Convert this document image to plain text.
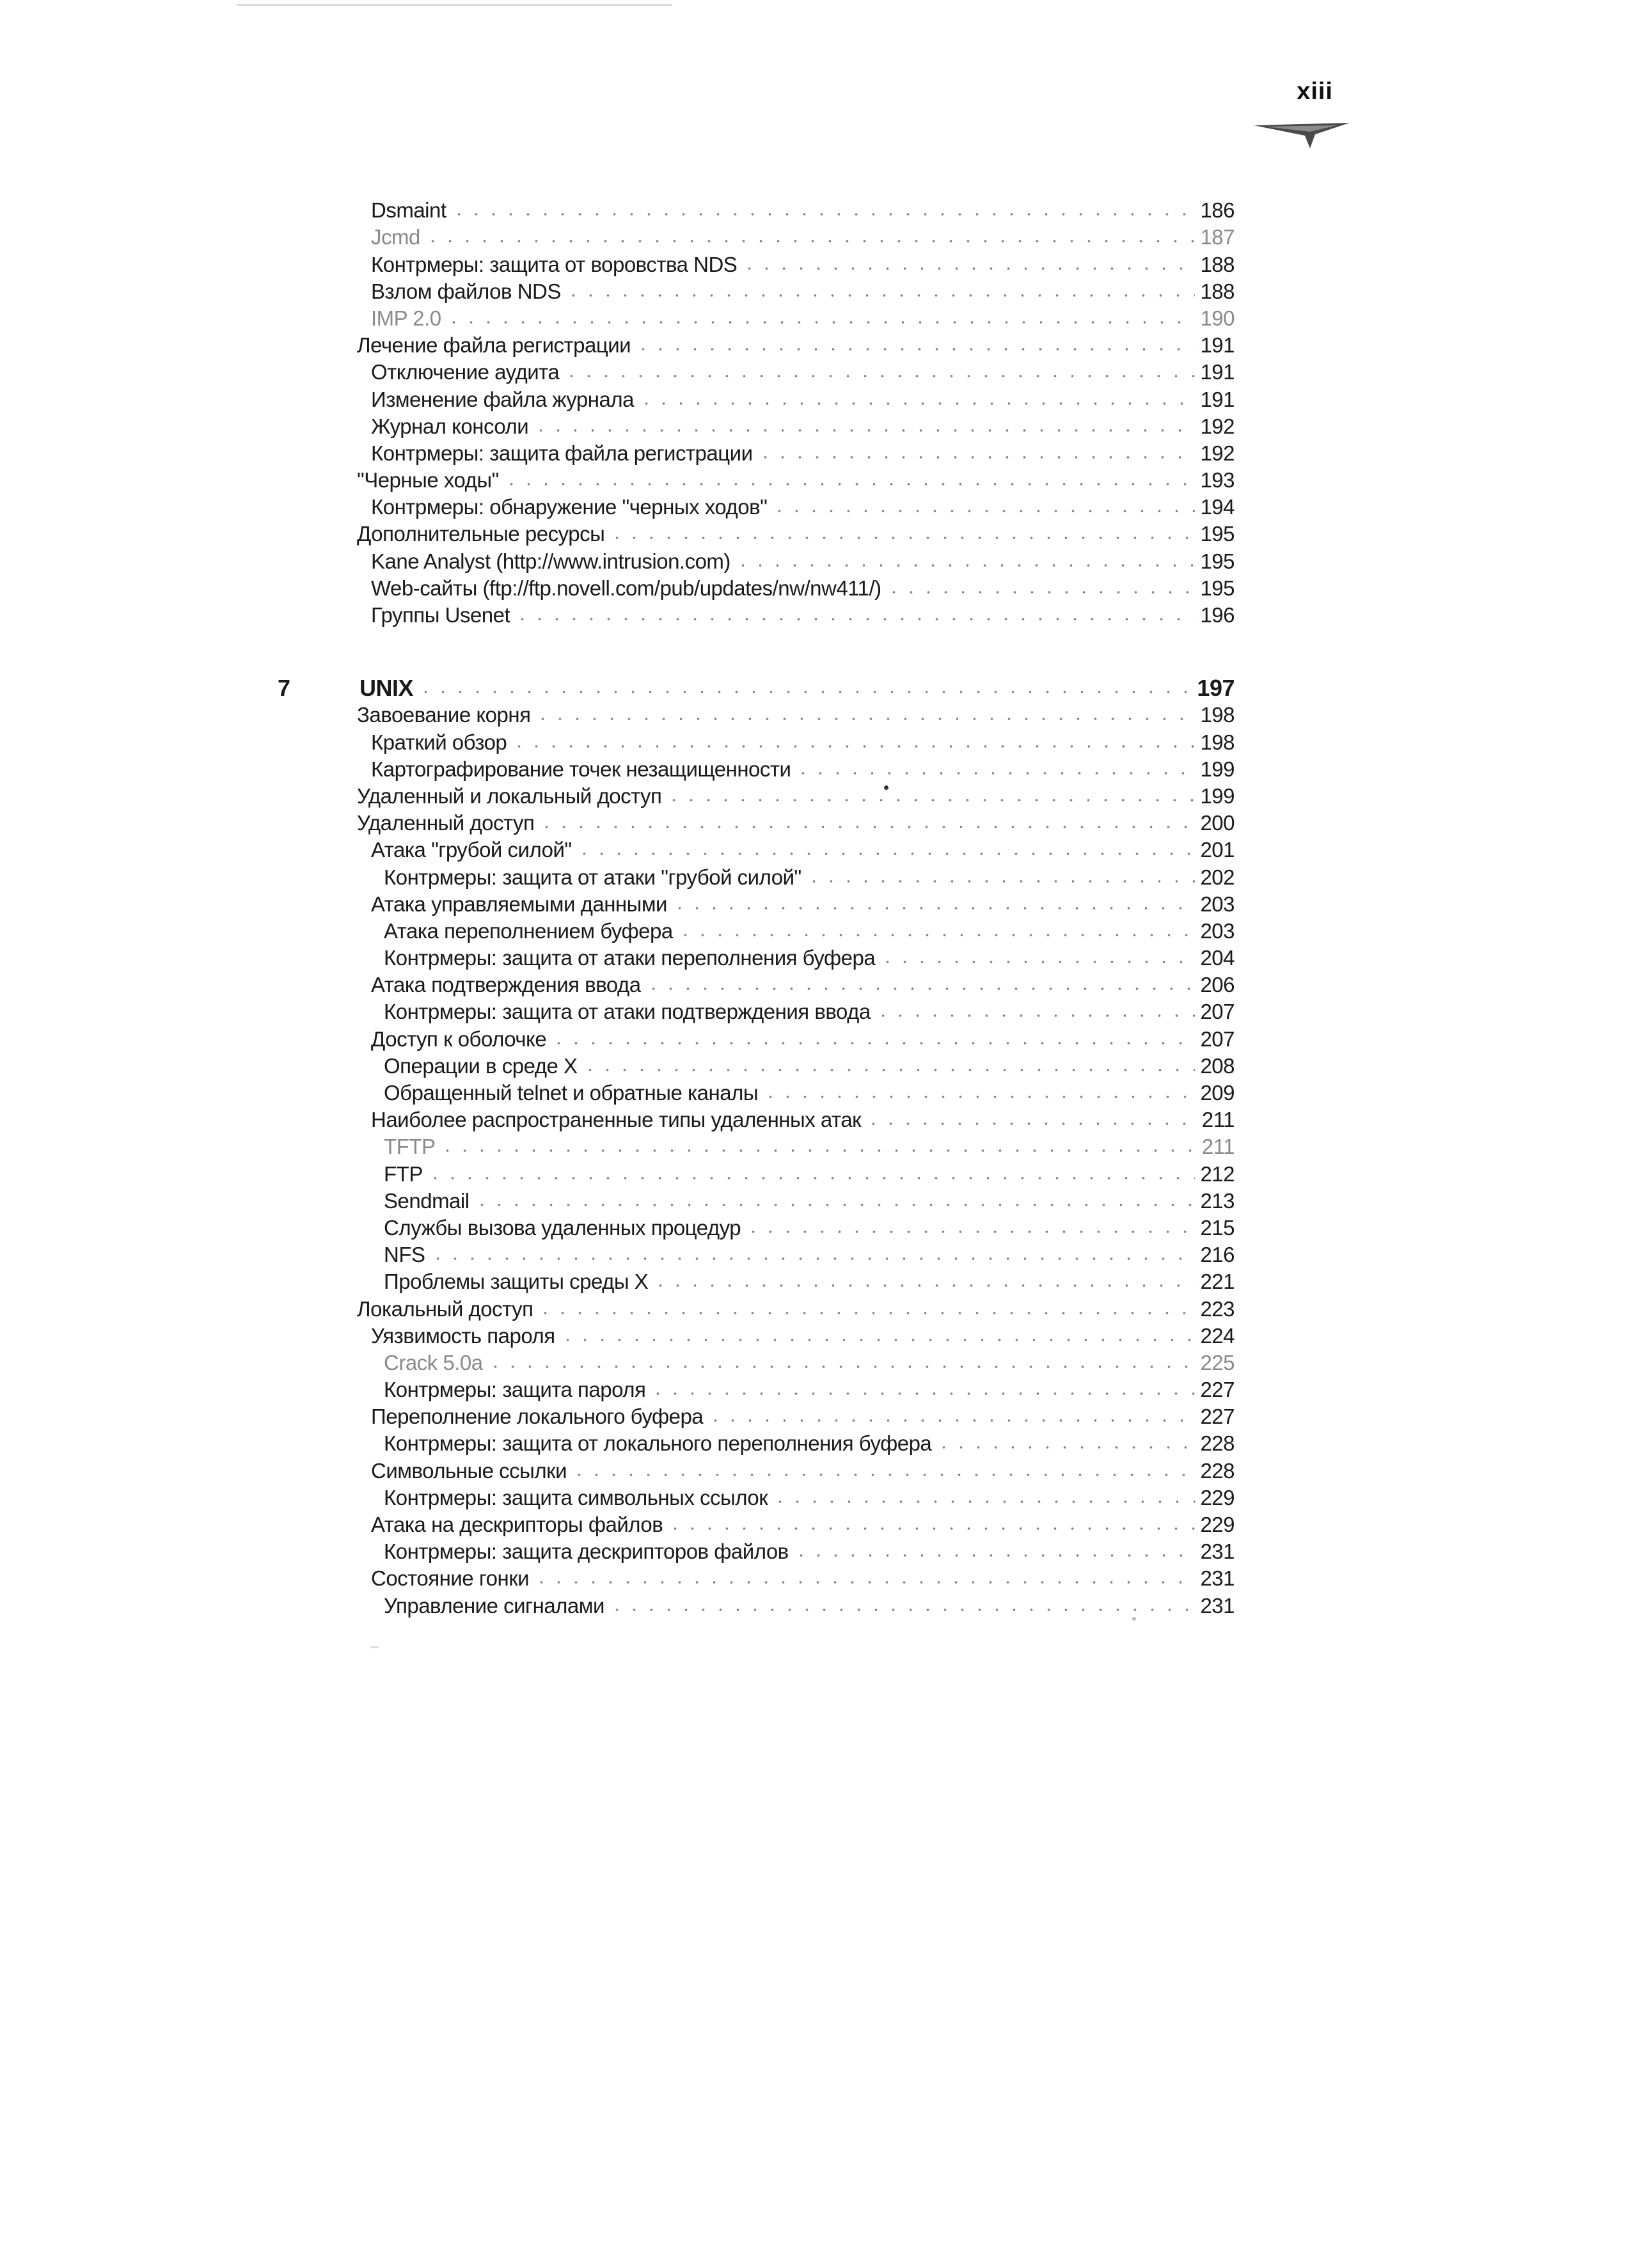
xiii
Dsmaint	186
Jcmd	187
Контрмеры: защита от воровства NDS	188
Взлом файлов NDS	188
IMP 2.0	190
Лечение файла регистрации	191
Отключение аудита	191
Изменение файла журнала	191
Журнал консоли	192
Контрмеры: защита файла регистрации	192
"Черные ходы"	193
Контрмеры: обнаружение "черных ходов"	194
Дополнительные ресурсы	195
Kane Analyst (http://www.intrusion.com)	195
Web-сайты (ftp://ftp.novell.com/pub/updates/nw/nw411/)	195
Группы Usenet	196
7	UNIX	197
Завоевание корня	198
Краткий обзор	198
Картографирование точек незащищенности	199
Удаленный и локальный доступ	199
Удаленный доступ	200
Атака "грубой силой"	201
Контрмеры: защита от атаки "грубой силой"	202
Атака управляемыми данными	203
Атака переполнением буфера	203
Контрмеры: защита от атаки переполнения буфера	204
Атака подтверждения ввода	206
Контрмеры: защита от атаки подтверждения ввода	207
Доступ к оболочке	207
Операции в среде X	208
Обращенный telnet и обратные каналы	209
Наиболее распространенные типы удаленных атак	211
TFTP	211
FTP	212
Sendmail	213
Службы вызова удаленных процедур	215
NFS	216
Проблемы защиты среды X	221
Локальный доступ	223
Уязвимость пароля	224
Crack 5.0a	225
Контрмеры: защита пароля	227
Переполнение локального буфера	227
Контрмеры: защита от локального переполнения буфера	228
Символьные ссылки	228
Контрмеры: защита символьных ссылок	229
Атака на дескрипторы файлов	229
Контрмеры: защита дескрипторов файлов	231
Состояние гонки	231
Управление сигналами	231
